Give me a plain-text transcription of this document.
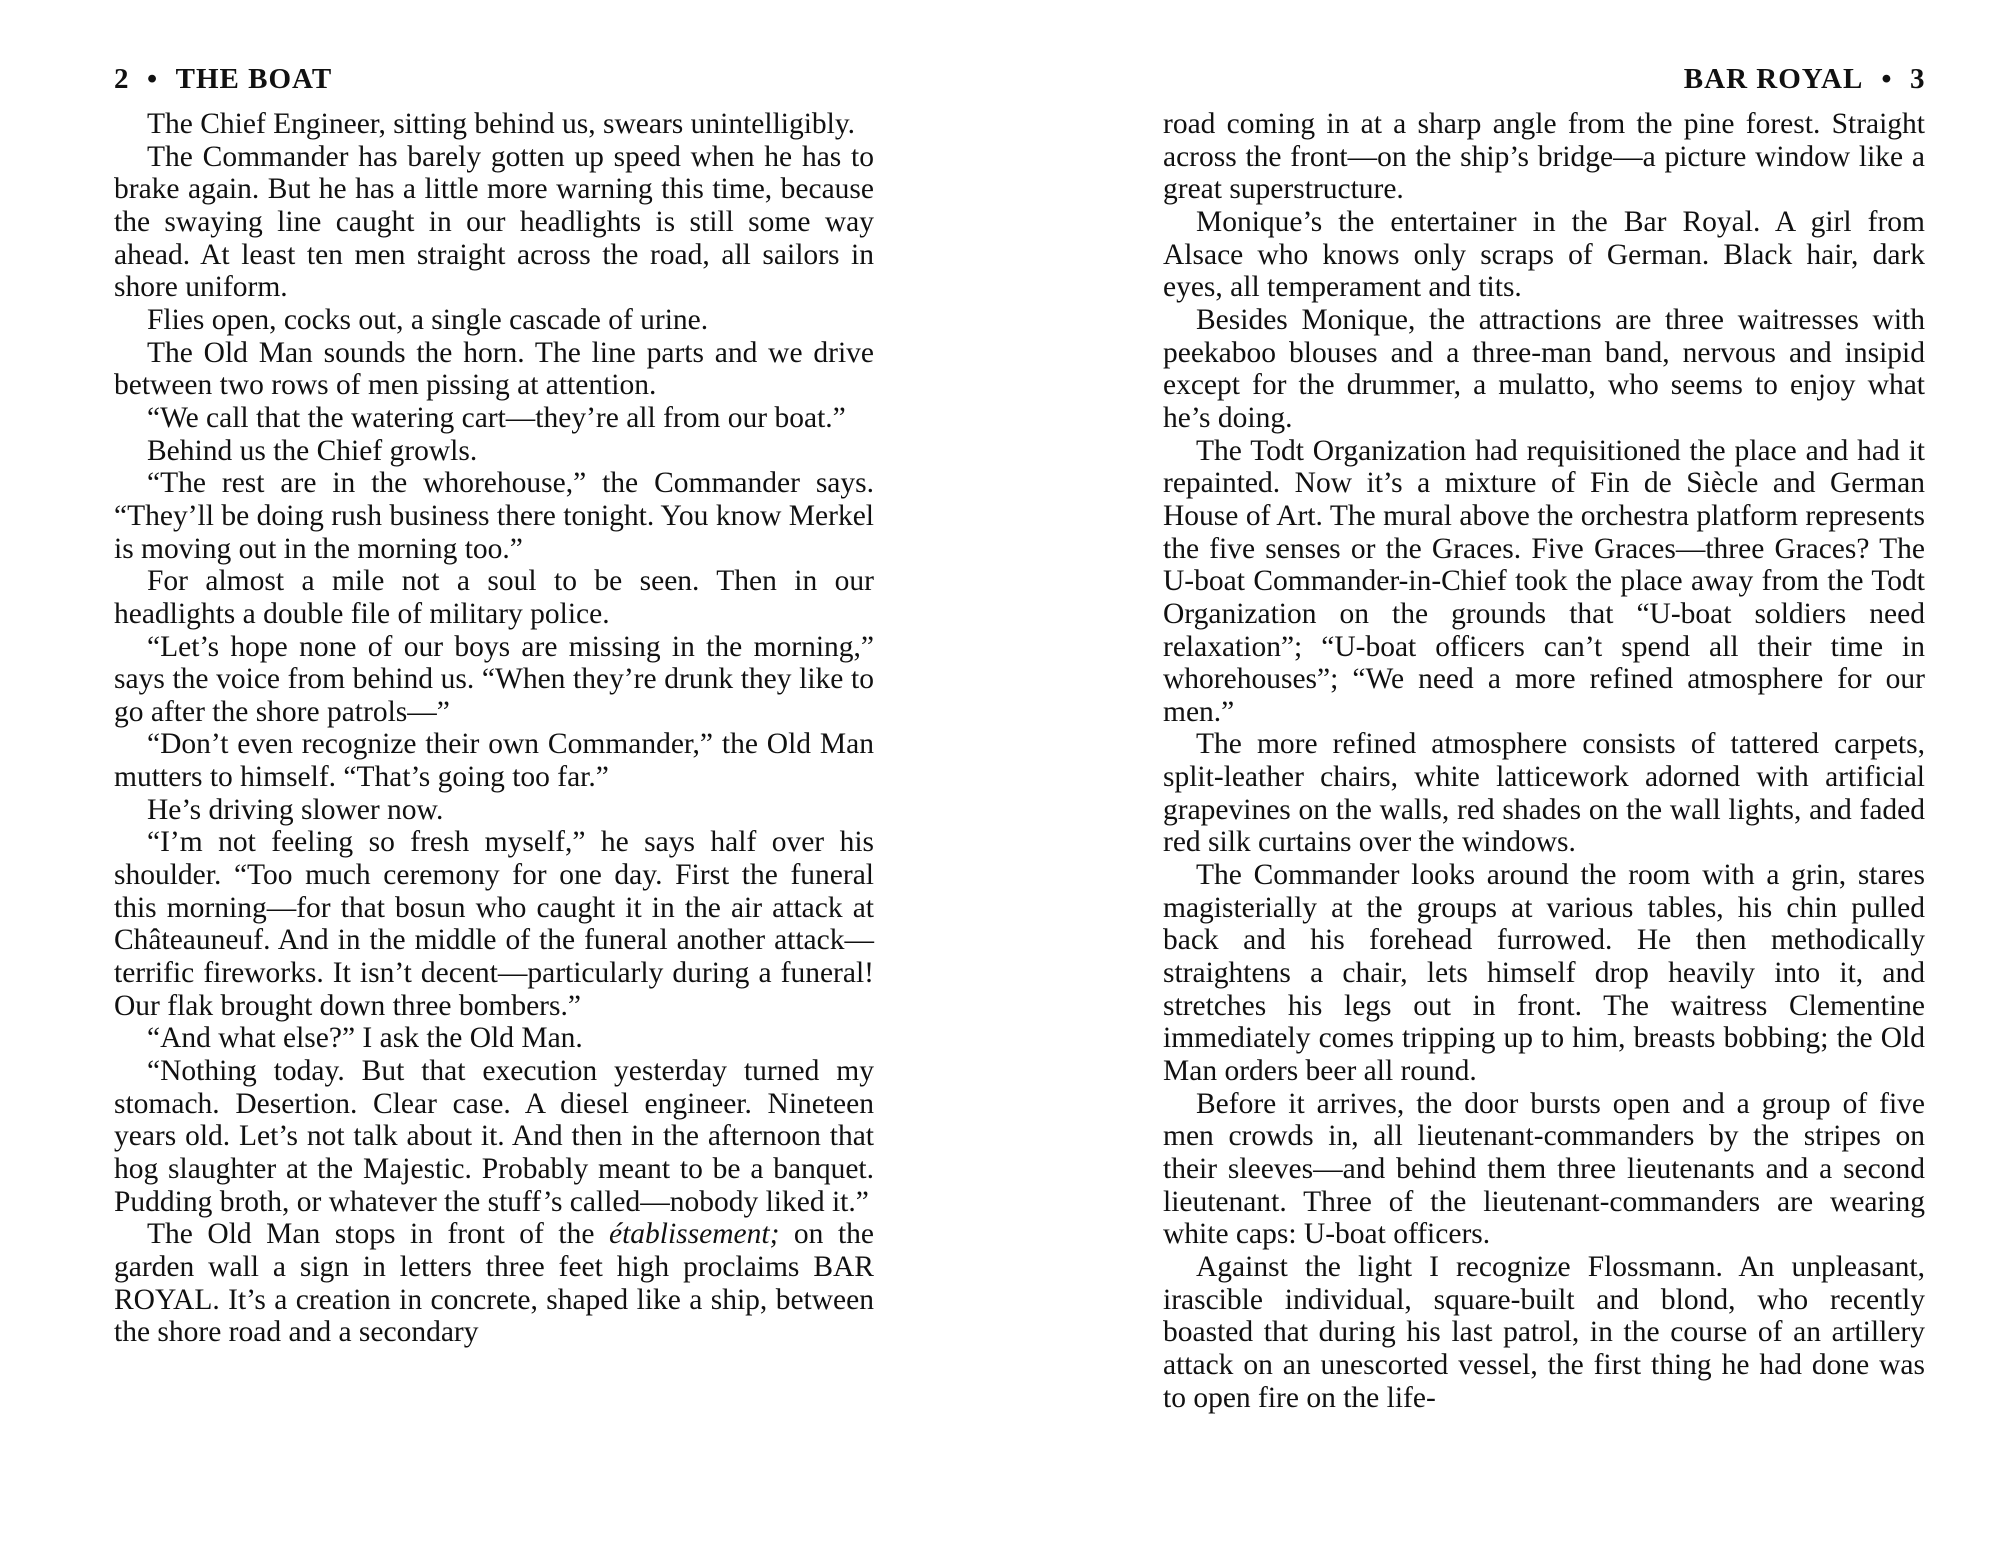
2 • THE BOAT

The Chief Engineer, sitting behind us, swears unintelligibly.

The Commander has barely gotten up speed when he has to brake again. But he has a little more warning this time, because the swaying line caught in our headlights is still some way ahead. At least ten men straight across the road, all sailors in shore uniform.

Flies open, cocks out, a single cascade of urine.

The Old Man sounds the horn. The line parts and we drive between two rows of men pissing at attention.

“We call that the watering cart—they’re all from our boat.”

Behind us the Chief growls.

“The rest are in the whorehouse,” the Commander says. “They’ll be doing rush business there tonight. You know Merkel is moving out in the morning too.”

For almost a mile not a soul to be seen. Then in our headlights a double file of military police.

“Let’s hope none of our boys are missing in the morning,” says the voice from behind us. “When they’re drunk they like to go after the shore patrols—”

“Don’t even recognize their own Commander,” the Old Man mutters to himself. “That’s going too far.”

He’s driving slower now.

“I’m not feeling so fresh myself,” he says half over his shoulder. “Too much ceremony for one day. First the funeral this morning—for that bosun who caught it in the air attack at Châteauneuf. And in the middle of the funeral another attack—terrific fireworks. It isn’t decent—particularly during a funeral! Our flak brought down three bombers.”

“And what else?” I ask the Old Man.

“Nothing today. But that execution yesterday turned my stomach. Desertion. Clear case. A diesel engineer. Nineteen years old. Let’s not talk about it. And then in the afternoon that hog slaughter at the Majestic. Probably meant to be a banquet. Pudding broth, or whatever the stuff’s called—nobody liked it.”

The Old Man stops in front of the établissement; on the garden wall a sign in letters three feet high proclaims BAR ROYAL. It’s a creation in concrete, shaped like a ship, between the shore road and a secondary

BAR ROYAL • 3

road coming in at a sharp angle from the pine forest. Straight across the front—on the ship’s bridge—a picture window like a great superstructure.

Monique’s the entertainer in the Bar Royal. A girl from Alsace who knows only scraps of German. Black hair, dark eyes, all temperament and tits.

Besides Monique, the attractions are three waitresses with peekaboo blouses and a three-man band, nervous and insipid except for the drummer, a mulatto, who seems to enjoy what he’s doing.

The Todt Organization had requisitioned the place and had it repainted. Now it’s a mixture of Fin de Siècle and German House of Art. The mural above the orchestra platform represents the five senses or the Graces. Five Graces—three Graces? The U-boat Commander-in-Chief took the place away from the Todt Organization on the grounds that “U-boat soldiers need relaxation”; “U-boat officers can’t spend all their time in whorehouses”; “We need a more refined atmosphere for our men.”

The more refined atmosphere consists of tattered carpets, split-leather chairs, white latticework adorned with artificial grapevines on the walls, red shades on the wall lights, and faded red silk curtains over the windows.

The Commander looks around the room with a grin, stares magisterially at the groups at various tables, his chin pulled back and his forehead furrowed. He then methodically straightens a chair, lets himself drop heavily into it, and stretches his legs out in front. The waitress Clementine immediately comes tripping up to him, breasts bobbing; the Old Man orders beer all round.

Before it arrives, the door bursts open and a group of five men crowds in, all lieutenant-commanders by the stripes on their sleeves—and behind them three lieutenants and a second lieutenant. Three of the lieutenant-commanders are wearing white caps: U-boat officers.

Against the light I recognize Flossmann. An unpleasant, irascible individual, square-built and blond, who recently boasted that during his last patrol, in the course of an artillery attack on an unescorted vessel, the first thing he had done was to open fire on the life-
